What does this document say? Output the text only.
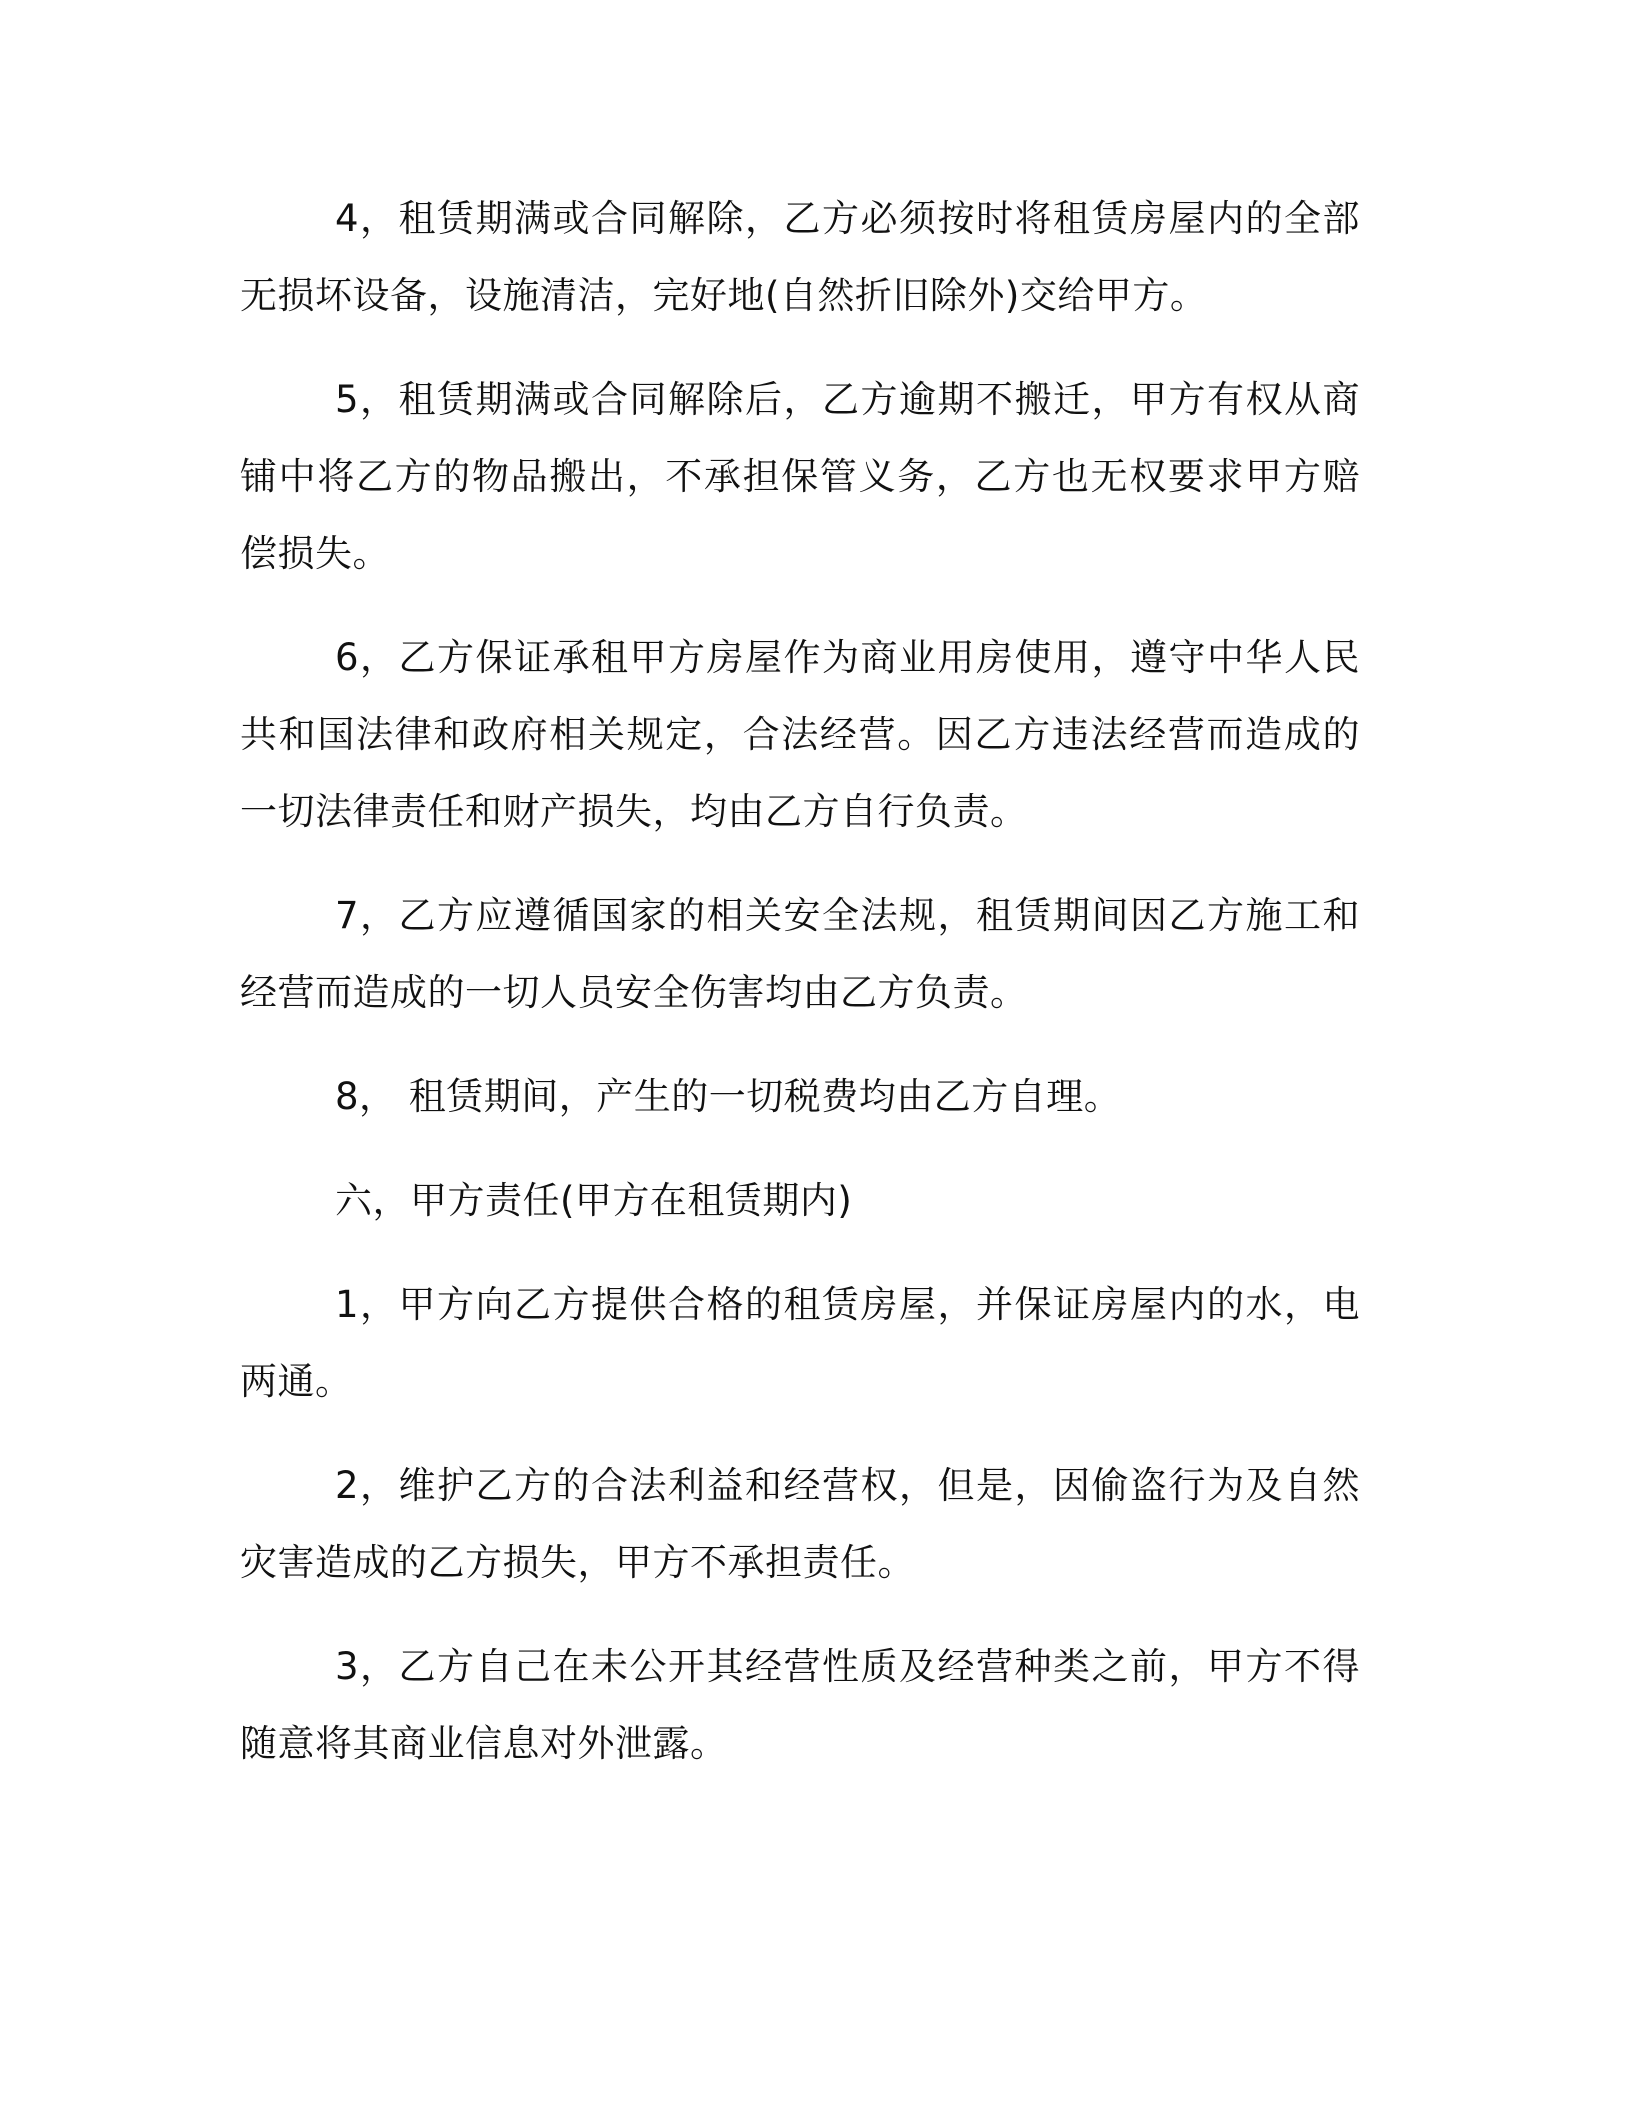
4，租赁期满或合同解除，乙方必须按时将租赁房屋内的全部无损坏设备，设施清洁，完好地(自然折旧除外)交给甲方。

5，租赁期满或合同解除后，乙方逾期不搬迁，甲方有权从商铺中将乙方的物品搬出，不承担保管义务，乙方也无权要求甲方赔偿损失。

6，乙方保证承租甲方房屋作为商业用房使用，遵守中华人民共和国法律和政府相关规定，合法经营。因乙方违法经营而造成的一切法律责任和财产损失，均由乙方自行负责。

7，乙方应遵循国家的相关安全法规，租赁期间因乙方施工和经营而造成的一切人员安全伤害均由乙方负责。

8， 租赁期间，产生的一切税费均由乙方自理。

六，甲方责任(甲方在租赁期内)

1，甲方向乙方提供合格的租赁房屋，并保证房屋内的水，电两通。

2，维护乙方的合法利益和经营权，但是，因偷盗行为及自然灾害造成的乙方损失，甲方不承担责任。

3，乙方自己在未公开其经营性质及经营种类之前，甲方不得随意将其商业信息对外泄露。
